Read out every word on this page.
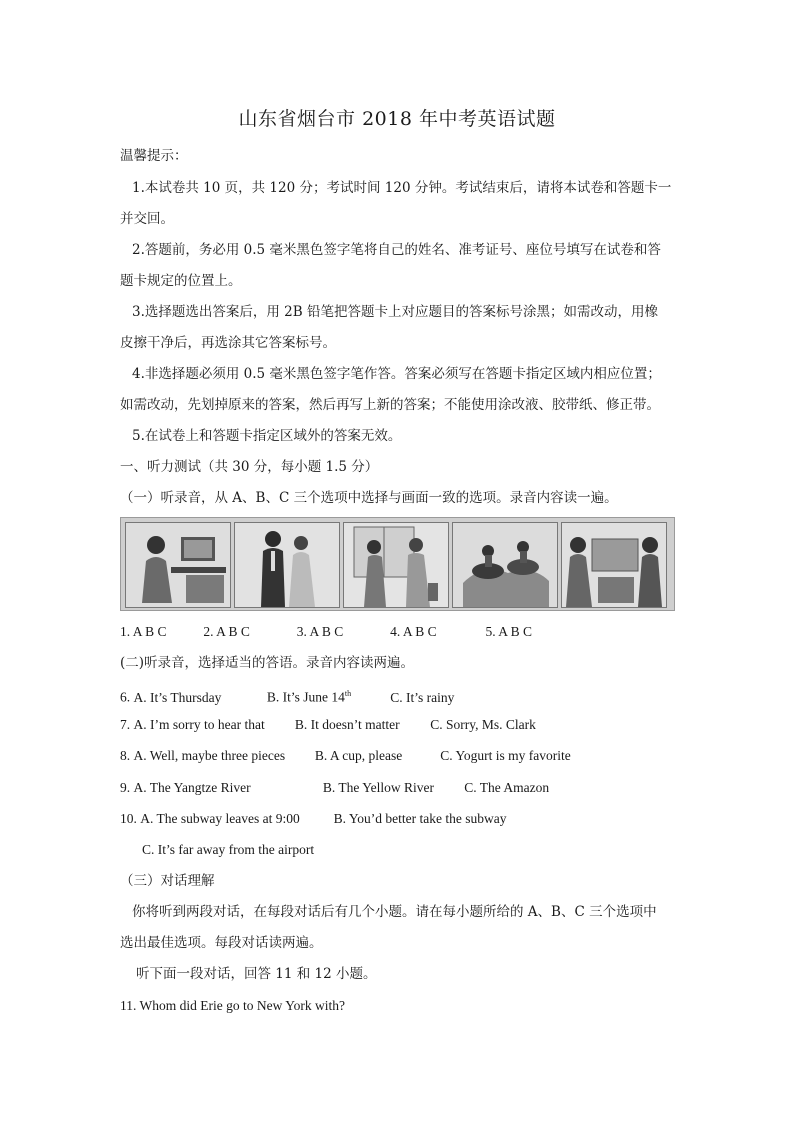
山东省烟台市 2018 年中考英语试题
温馨提示：
1.本试卷共 10 页，共 120 分；考试时间 120 分钟。考试结束后，请将本试卷和答题卡一
并交回。
2.答题前，务必用 0.5 毫米黑色签字笔将自己的姓名、准考证号、座位号填写在试卷和答
题卡规定的位置上。
3.选择题选出答案后，用 2B 铅笔把答题卡上对应题目的答案标号涂黑；如需改动，用橡
皮擦干净后，再选涂其它答案标号。
4.非选择题必须用 0.5 毫米黑色签字笔作答。答案必须写在答题卡指定区域内相应位置；
如需改动，先划掉原来的答案，然后再写上新的答案；不能使用涂改液、胶带纸、修正带。
5.在试卷上和答题卡指定区域外的答案无效。
一、听力测试（共 30 分，每小题 1.5 分）
（一）听录音，从 A、B、C 三个选项中选择与画面一致的选项。录音内容读一遍。
1. A B C	2. A B C	3. A B C	4. A B C	5. A B C
(二)听录音，选择适当的答语。录音内容读两遍。
6. A. It’s Thursday	B. It’s June 14th	C. It’s rainy
7. A. I’m sorry to hear that B. It doesn’t matter C. Sorry, Ms. Clark
8. A. Well, maybe three pieces B. A cup, please	C. Yogurt is my favorite
9. A. The Yangtze River	B. The Yellow River C. The Amazon
10. A. The subway leaves at 9:00	B. You’d better take the subway
C. It’s far away from the airport
（三）对话理解
你将听到两段对话，在每段对话后有几个小题。请在每小题所给的 A、B、C 三个选项中
选出最佳选项。每段对话读两遍。
听下面一段对话，回答 11 和 12 小题。
11. Whom did Erie go to New York with?
